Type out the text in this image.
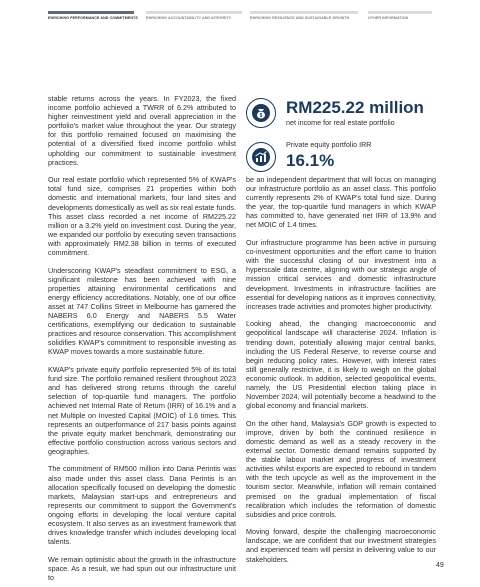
ENRICHING PERFORMANCE AND COMMITMENTS ENRICHING ACCOUNTABILITY AND INTEGRITY	ENRICHING RESILIENCE AND SUSTAINABLE GROWTH	OTHER INFORMATION

stable returns across the years. In FY2023, the fixed income portfolio achieved a TWRR of 6.2% attributed to higher reinvestment yield and overall appreciation in the portfolio's market value throughout the year. Our strategy for this portfolio remained focused on maximising the potential of a diversified fixed income portfolio whilst upholding our commitment to sustainable investment practices.

Our real estate portfolio which represented 5% of KWAP's total fund size, comprises 21 properties within both domestic and international markets, four land sites and developments domestically as well as six real estate funds. This asset class recorded a net income of RM225.22 million or a 3.2% yield on investment cost. During the year, we expanded our portfolio by executing seven transactions with approximately RM2.38 billion in terms of executed commitment.

Underscoring KWAP's steadfast commitment to ESG, a significant milestone has been achieved with nine properties attaining environmental certifications and energy efficiency accreditations. Notably, one of our office asset at 747 Collins Street in Melbourne has garnered the NABERS 6.0 Energy and NABERS 5.5 Water certifications, exemplifying our dedication to sustainable practices and resource conservation. This accomplishment solidifies KWAP's commitment to responsible investing as KWAP moves towards a more sustainable future.

KWAP's private equity portfolio represented 5% of its total fund size. The portfolio remained resilient throughout 2023 and has delivered strong returns through the careful selection of top-quartile fund managers. The portfolio achieved net Internal Rate of Return (IRR) of 16.1% and a net Multiple on Invested Capital (MOIC) of 1.6 times. This represents an outperformance of 217 basis points against the private equity market benchmark, demonstrating our effective portfolio construction across various sectors and geographies.

The commitment of RM500 million into Dana Perintis was also made under this asset class. Dana Perintis is an allocation specifically focused on developing the domestic markets, Malaysian start-ups and entrepreneurs and represents our commitment to support the Government's ongoing efforts in developing the local venture capital ecosystem. It also serves as an investment framework that drives knowledge transfer which includes developing local talents.

We remain optimistic about the growth in the infrastructure space. As a result, we had spun out our infrastructure unit to

$ RM225.22 million
net income for real estate portfolio
Private equity portfolio IRR
16.1%

be an independent department that will focus on managing our infrastructure portfolio as an asset class. This portfolio currently represents 2% of KWAP's total fund size. During the year, the top-quartile fund managers in which KWAP has committed to, have generated net IRR of 13.9% and net MOIC of 1.4 times.

Our infrastructure programme has been active in pursuing co-investment opportunities and the effort came to fruition with the successful closing of our investment into a hyperscale data centre, aligning with our strategic angle of mission critical services and domestic infrastructure development. Investments in infrastructure facilities are essential for developing nations as it improves connectivity, increases trade activities and promotes higher productivity.

Looking ahead, the changing macroeconomic and geopolitical landscape will characterise 2024. Inflation is trending down, potentially allowing major central banks, including the US Federal Reserve, to reverse course and begin reducing policy rates. However, with interest rates still generally restrictive, it is likely to weigh on the global economic outlook. In addition, selected geopolitical events, namely, the US Presidential election taking place in November 2024, will potentially become a headwind to the global economy and financial markets.

On the other hand, Malaysia's GDP growth is expected to improve, driven by both the continued resilience in domestic demand as well as a steady recovery in the external sector. Domestic demand remains supported by the stable labour market and progress of investment activities whilst exports are expected to rebound in tandem with the tech upcycle as well as the improvement in the tourism sector. Meanwhile, inflation will remain contained premised on the gradual implementation of fiscal recalibration which includes the reformation of domestic subsidies and price controls.

Moving forward, despite the challenging macroeconomic landscape, we are confident that our investment strategies and experienced team will persist in delivering value to our stakeholders.

49
